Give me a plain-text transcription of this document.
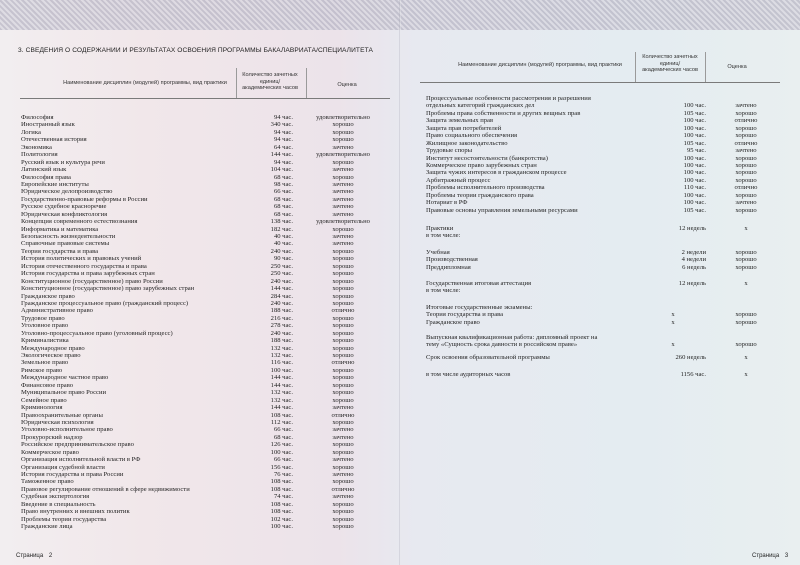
3. СВЕДЕНИЯ О СОДЕРЖАНИИ И РЕЗУЛЬТАТАХ ОСВОЕНИЯ ПРОГРАММЫ БАКАЛАВРИАТА/СПЕЦИАЛИТЕТА
Наименование дисциплин (модулей) программы, вид практики
Количество зачетных единиц/ академических часов	Оценка
Философия	94 час.	удовлетворительно
Иностранный язык	340 час.	хорошо
Логика	94 час.	хорошо
Отечественная история	94 час.	хорошо
Экономика	64 час.	зачтено
Политология	144 час.	удовлетворительно
Русский язык и культура речи	94 час.	хорошо
Латинский язык	104 час.	зачтено
Философия права	68 час.	хорошо
Европейские институты	98 час.	зачтено
Юридическое делопроизводство	66 час.	зачтено
Государственно-правовые реформы в России	68 час.	зачтено
Русское судебное красноречие	68 час.	зачтено
Юридическая конфликтология	68 час.	зачтено
Концепция современного естествознания	138 час.	удовлетворительно
Информатика и математика	182 час.	хорошо
Безопасность жизнедеятельности	40 час.	зачтено
Справочные правовые системы	40 час.	зачтено
Теория государства и права	240 час.	хорошо
История политических и правовых учений	90 час.	хорошо
История отечественного государства и права	250 час.	хорошо
История государства и права зарубежных стран	250 час.	хорошо
Конституционное (государственное) право России	240 час.	хорошо
Конституционное (государственное) право зарубежных стран	144 час.	хорошо
Гражданское право	284 час.	хорошо
Гражданское процессуальное право (гражданский процесс)	240 час.	хорошо
Административное право	188 час.	отлично
Трудовое право	216 час.	хорошо
Уголовное право	278 час.	хорошо
Уголовно-процессуальное право (уголовный процесс)	240 час.	хорошо
Криминалистика	188 час.	хорошо
Международное право	132 час.	хорошо
Экологическое право	132 час.	хорошо
Земельное право	116 час.	отлично
Римское право	100 час.	хорошо
Международное частное право	144 час.	хорошо
Финансовое право	144 час.	хорошо
Муниципальное право России	132 час.	хорошо
Семейное право	132 час.	хорошо
Криминология	144 час.	зачтено
Правоохранительные органы	108 час.	отлично
Юридическая психология	112 час.	хорошо
Уголовно-исполнительное право	66 час.	зачтено
Прокурорский надзор	68 час.	зачтено
Российское предпринимательское право	126 час.	хорошо
Коммерческое право	100 час.	хорошо
Организация исполнительной власти в РФ	66 час.	зачтено
Организация судебной власти	156 час.	хорошо
История государства и права России	76 час.	зачтено
Таможенное право	108 час.	хорошо
Правовое регулирование отношений в сфере недвижимости	108 час.	отлично
Судебная экспертология	74 час.	зачтено
Введение в специальность	108 час.	хорошо
Право внутренних и внешних политик	108 час.	хорошо
Проблемы теории государства	102 час.	хорошо
Гражданские лица	100 час.	хорошо
Наименование дисциплин (модулей) программы, вид практики
Количество зачетных единиц/ академических часов	Оценка
Процессуальные особенности рассмотрения и разрешения
отдельных категорий гражданских дел	100 час.	зачтено
Проблемы права собственности и других вещных прав	105 час.	хорошо
Защита земельных прав	100 час.	отлично
Защита прав потребителей	100 час.	хорошо
Право социального обеспечения	100 час.	хорошо
Жилищное законодательство	105 час.	отлично
Трудовые споры	95 час.	зачтено
Институт несостоятельности (банкротства)	100 час.	хорошо
Коммерческое право зарубежных стран	100 час.	хорошо
Защита чужих интересов в гражданском процессе	100 час.	хорошо
Арбитражный процесс	100 час.	хорошо
Проблемы исполнительного производства	110 час.	отлично
Проблемы теории гражданского права	100 час.	хорошо
Нотариат в РФ	100 час.	зачтено
Правовые основы управления земельными ресурсами	105 час.	хорошо
Практики	12 недель	x
в том числе:
Учебная	2 недели	хорошо
Производственная	4 недели	хорошо
Преддипломная	6 недель	хорошо
Государственная итоговая аттестация	12 недель	x
в том числе:
Итоговые государственные экзамены:
Теория государства и права	x	хорошо
Гражданское право	x	хорошо
Выпускная квалификационная работа: дипломный проект на
тему «Сущность срока давности в российском праве»	x	хорошо
Срок освоения образовательной программы	260 недель	x
в том числе аудиторных часов	1156 час.	x
Страница 2	Страница 3
